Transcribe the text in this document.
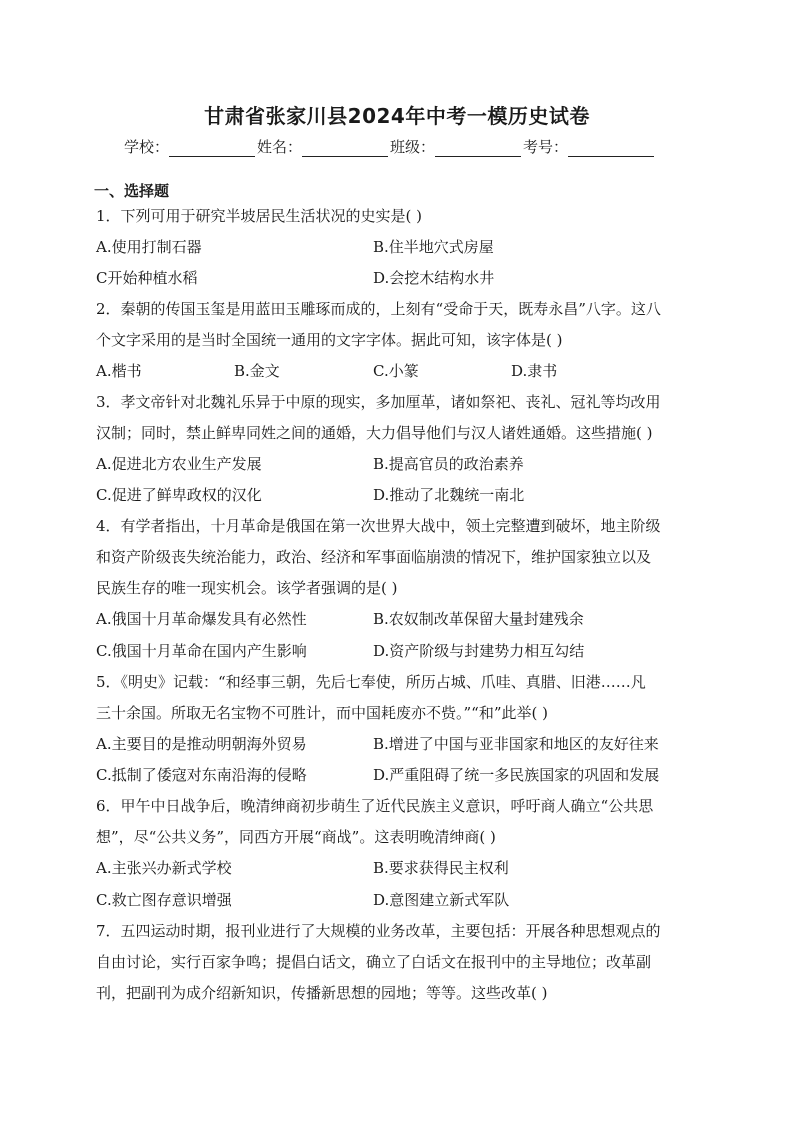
甘肃省张家川县2024年中考一模历史试卷
学校：	姓名：	班级：	考号：
一、选择题
1．下列可用于研究半坡居民生活状况的史实是( )
A.使用打制石器	B.住半地穴式房屋
C开始种植水稻	D.会挖木结构水井
2．秦朝的传国玉玺是用蓝田玉雕琢而成的，上刻有“受命于天，既寿永昌”八字。这八
个文字采用的是当时全国统一通用的文字字体。据此可知，该字体是( )
A.楷书	B.金文	C.小篆	D.隶书
3．孝文帝针对北魏礼乐异于中原的现实，多加厘革，诸如祭祀、丧礼、冠礼等均改用
汉制；同时，禁止鲜卑同姓之间的通婚，大力倡导他们与汉人诸姓通婚。这些措施( )
A.促进北方农业生产发展	B.提高官员的政治素养
C.促进了鲜卑政权的汉化	D.推动了北魏统一南北
4．有学者指出，十月革命是俄国在第一次世界大战中，领土完整遭到破坏，地主阶级
和资产阶级丧失统治能力，政治、经济和军事面临崩溃的情况下，维护国家独立以及
民族生存的唯一现实机会。该学者强调的是( )
A.俄国十月革命爆发具有必然性	B.农奴制改革保留大量封建残余
C.俄国十月革命在国内产生影响	D.资产阶级与封建势力相互勾结
5．《明史》记载：“和经事三朝，先后七奉使，所历占城、爪哇、真腊、旧港……凡
三十余国。所取无名宝物不可胜计，而中国耗废亦不赀。”“和”此举( )
A.主要目的是推动明朝海外贸易	B.增进了中国与亚非国家和地区的友好往来
C.抵制了倭寇对东南沿海的侵略	D.严重阻碍了统一多民族国家的巩固和发展
6．甲午中日战争后，晚清绅商初步萌生了近代民族主义意识，呼吁商人确立“公共思
想”，尽“公共义务”，同西方开展“商战”。这表明晚清绅商( )
A.主张兴办新式学校	B.要求获得民主权利
C.救亡图存意识增强	D.意图建立新式军队
7．五四运动时期，报刊业进行了大规模的业务改革，主要包括：开展各种思想观点的
自由讨论，实行百家争鸣；提倡白话文，确立了白话文在报刊中的主导地位；改革副
刊，把副刊为成介绍新知识，传播新思想的园地；等等。这些改革( )
